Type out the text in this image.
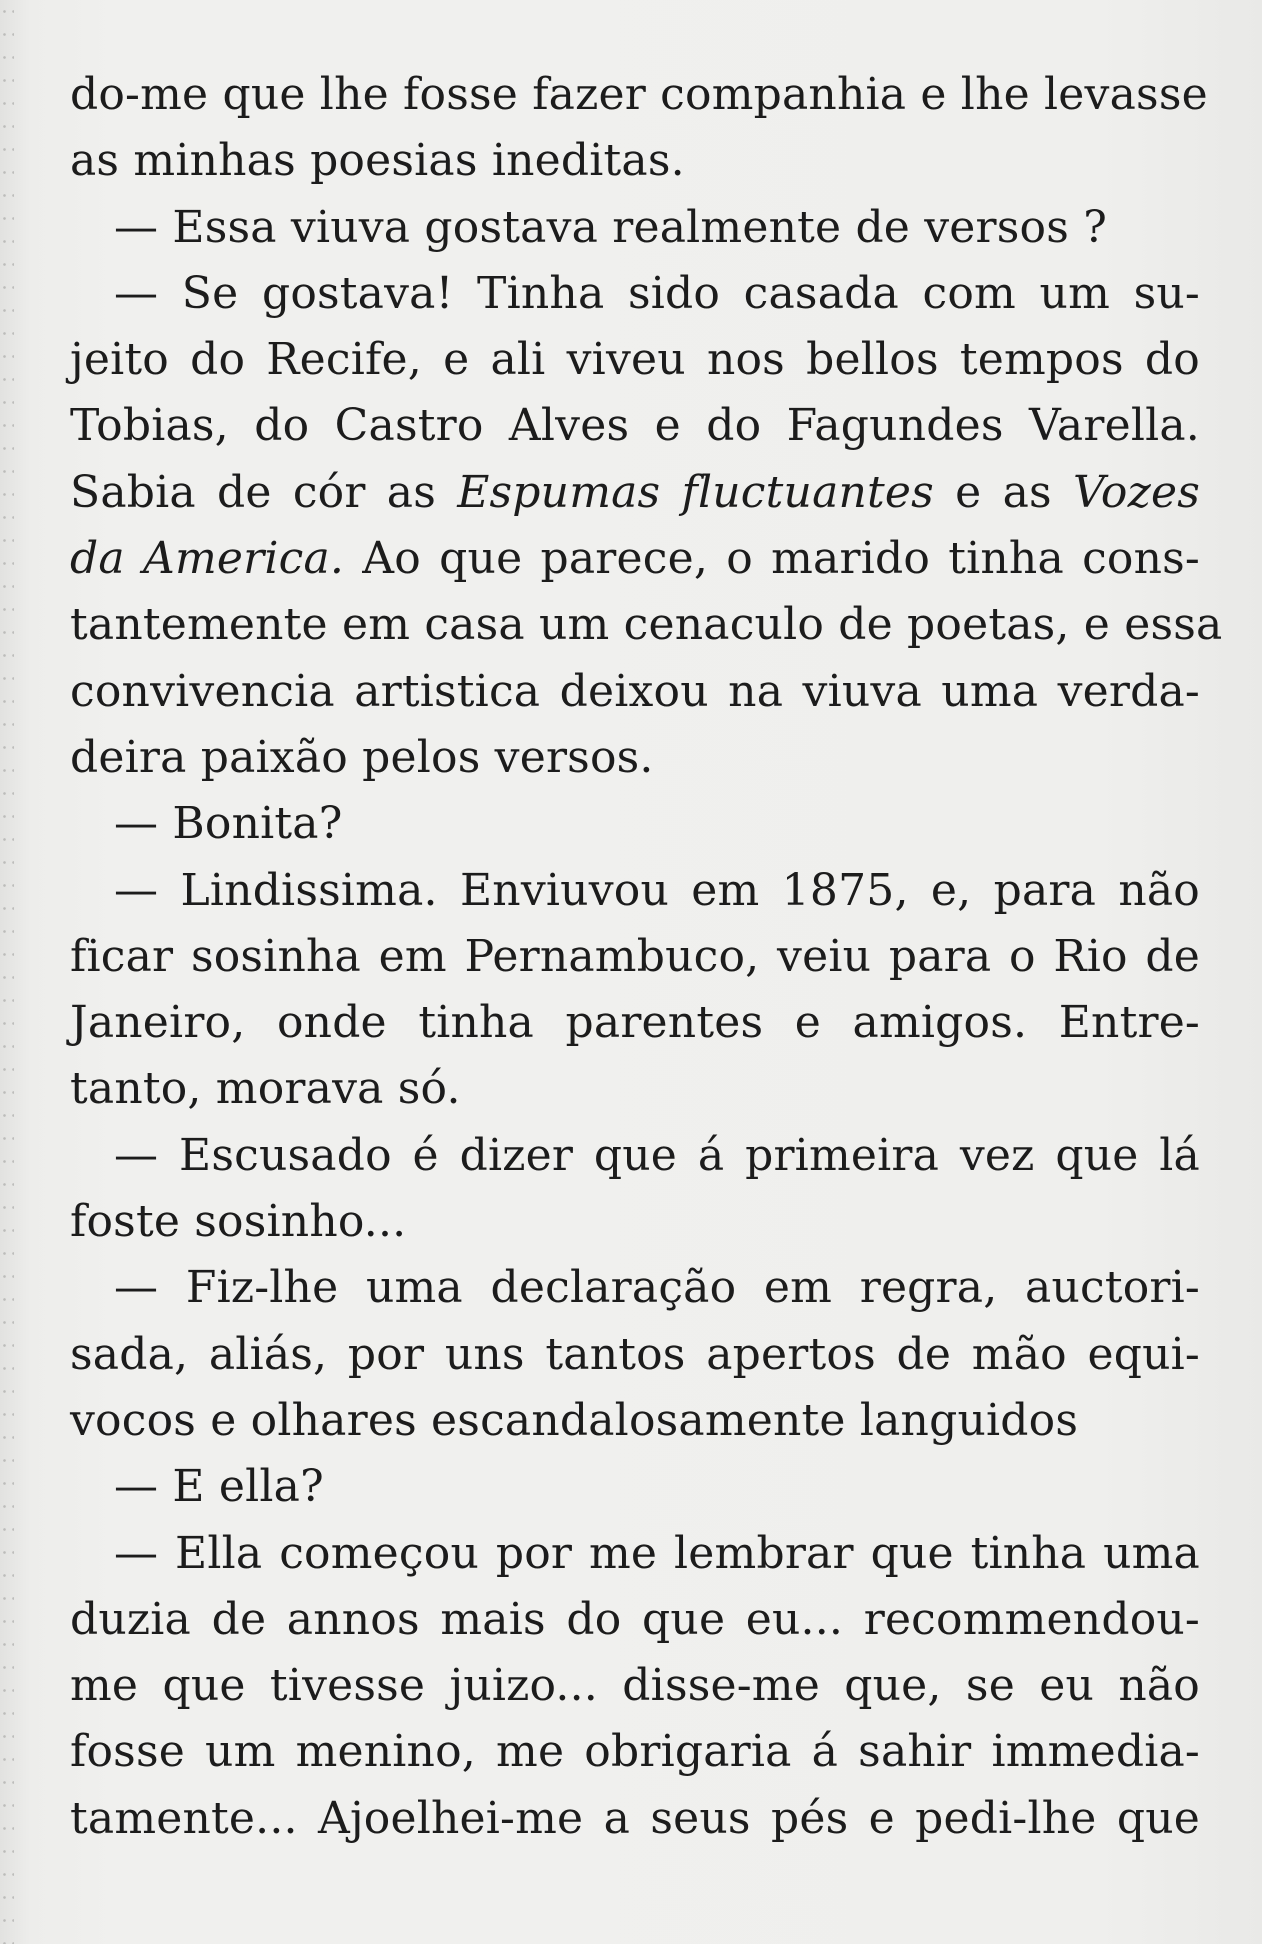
do-me que lhe fosse fazer companhia e lhe levasse
as minhas poesias ineditas.
— Essa viuva gostava realmente de versos ?
— Se gostava! Tinha sido casada com um su-
jeito do Recife, e ali viveu nos bellos tempos do
Tobias, do Castro Alves e do Fagundes Varella.
Sabia de cór as Espumas fluctuantes e as Vozes
da America. Ao que parece, o marido tinha cons-
tantemente em casa um cenaculo de poetas, e essa
convivencia artistica deixou na viuva uma verda-
deira paixão pelos versos.
— Bonita?
— Lindissima. Enviuvou em 1875, e, para não
ficar sosinha em Pernambuco, veiu para o Rio de
Janeiro, onde tinha parentes e amigos. Entre-
tanto, morava só.
— Escusado é dizer que á primeira vez que lá
foste sosinho...
— Fiz-lhe uma declaração em regra, auctori-
sada, aliás, por uns tantos apertos de mão equi-
vocos e olhares escandalosamente languidos
— E ella?
— Ella começou por me lembrar que tinha uma
duzia de annos mais do que eu... recommendou-
me que tivesse juizo... disse-me que, se eu não
fosse um menino, me obrigaria á sahir immedia-
tamente... Ajoelhei-me a seus pés e pedi-lhe que
